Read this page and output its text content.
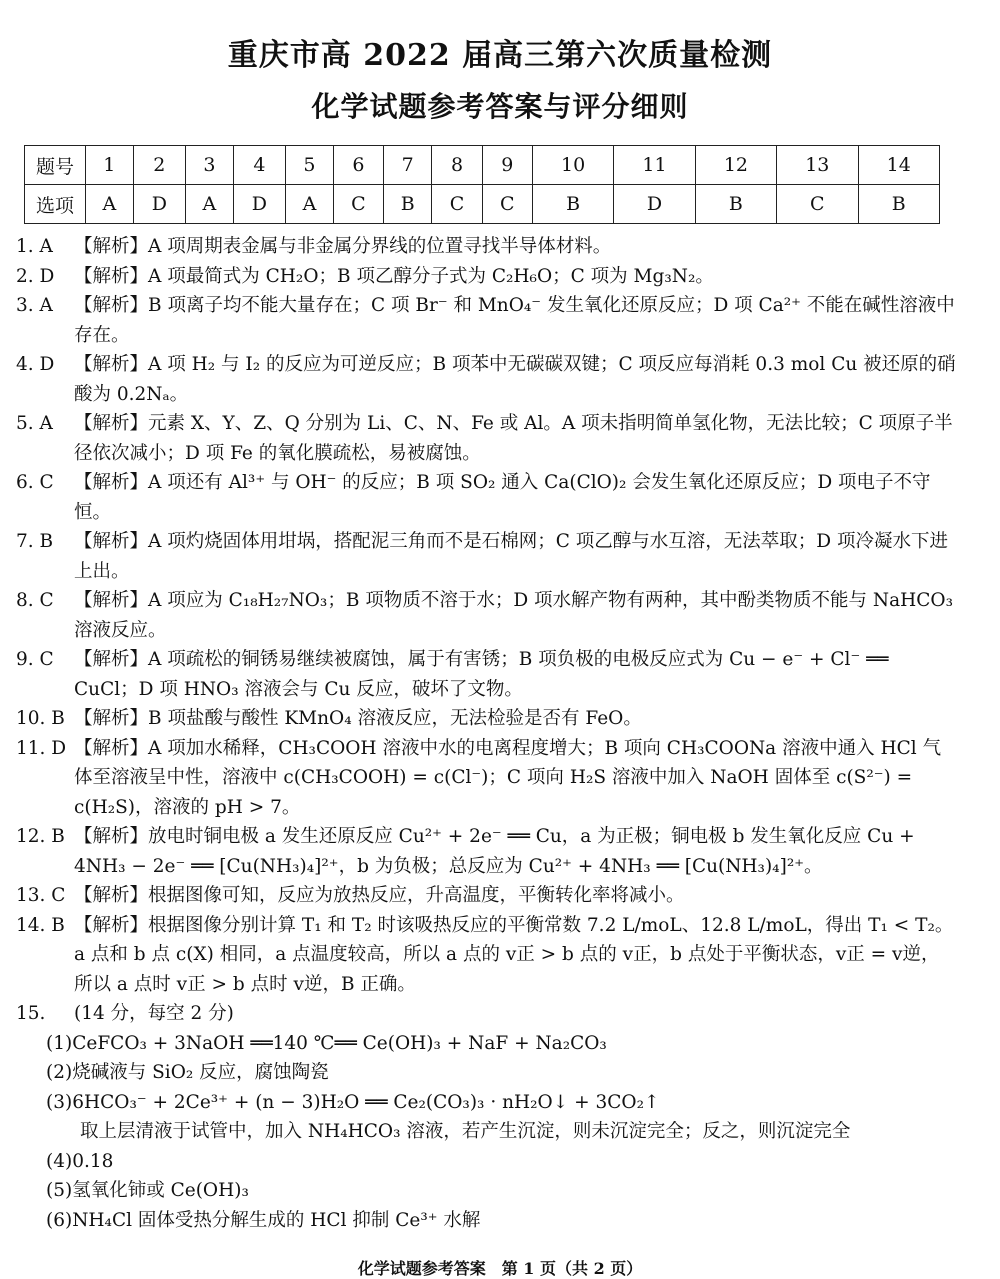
重庆市高 2022 届高三第六次质量检测
化学试题参考答案与评分细则
题号	1	2	3	4	5	6	7	8	9	10	11	12	13	14
选项	A	D	A	D	A	C	B	C	C	B	D	B	C	B
1. A	【解析】A 项周期表金属与非金属分界线的位置寻找半导体材料。
2. D	【解析】A 项最简式为 CH₂O；B 项乙醇分子式为 C₂H₆O；C 项为 Mg₃N₂。
3. A	【解析】B 项离子均不能大量存在；C 项 Br⁻ 和 MnO₄⁻ 发生氧化还原反应；D 项 Ca²⁺ 不能在碱性溶液中存在。
4. D	【解析】A 项 H₂ 与 I₂ 的反应为可逆反应；B 项苯中无碳碳双键；C 项反应每消耗 0.3 mol Cu 被还原的硝酸为 0.2Nₐ。
5. A	【解析】元素 X、Y、Z、Q 分别为 Li、C、N、Fe 或 Al。A 项未指明简单氢化物，无法比较；C 项原子半径依次减小；D 项 Fe 的氧化膜疏松，易被腐蚀。
6. C	【解析】A 项还有 Al³⁺ 与 OH⁻ 的反应；B 项 SO₂ 通入 Ca(ClO)₂ 会发生氧化还原反应；D 项电子不守恒。
7. B	【解析】A 项灼烧固体用坩埚，搭配泥三角而不是石棉网；C 项乙醇与水互溶，无法萃取；D 项冷凝水下进上出。
8. C	【解析】A 项应为 C₁₈H₂₇NO₃；B 项物质不溶于水；D 项水解产物有两种，其中酚类物质不能与 NaHCO₃ 溶液反应。
9. C	【解析】A 项疏松的铜锈易继续被腐蚀，属于有害锈；B 项负极的电极反应式为 Cu − e⁻ + Cl⁻ ══ CuCl；D 项 HNO₃ 溶液会与 Cu 反应，破坏了文物。
10. B 【解析】B 项盐酸与酸性 KMnO₄ 溶液反应，无法检验是否有 FeO。
11. D 【解析】A 项加水稀释，CH₃COOH 溶液中水的电离程度增大；B 项向 CH₃COONa 溶液中通入 HCl 气体至溶液呈中性，溶液中 c(CH₃COOH) = c(Cl⁻)；C 项向 H₂S 溶液中加入 NaOH 固体至 c(S²⁻) = c(H₂S)，溶液的 pH > 7。
12. B 【解析】放电时铜电极 a 发生还原反应 Cu²⁺ + 2e⁻ ══ Cu，a 为正极；铜电极 b 发生氧化反应 Cu + 4NH₃ − 2e⁻ ══ [Cu(NH₃)₄]²⁺，b 为负极；总反应为 Cu²⁺ + 4NH₃ ══ [Cu(NH₃)₄]²⁺。
13. C 【解析】根据图像可知，反应为放热反应，升高温度，平衡转化率将减小。
14. B 【解析】根据图像分别计算 T₁ 和 T₂ 时该吸热反应的平衡常数 7.2 L/moL、12.8 L/moL，得出 T₁ < T₂。a 点和 b 点 c(X) 相同，a 点温度较高，所以 a 点的 v正 > b 点的 v正，b 点处于平衡状态，v正 = v逆，所以 a 点时 v正 > b 点时 v逆，B 正确。
15.	(14 分，每空 2 分)
(1)CeFCO₃ + 3NaOH ══140 ℃══ Ce(OH)₃ + NaF + Na₂CO₃
(2)烧碱液与 SiO₂ 反应，腐蚀陶瓷
(3)6HCO₃⁻ + 2Ce³⁺ + (n − 3)H₂O ══ Ce₂(CO₃)₃ · nH₂O↓ + 3CO₂↑
取上层清液于试管中，加入 NH₄HCO₃ 溶液，若产生沉淀，则未沉淀完全；反之，则沉淀完全
(4)0.18
(5)氢氧化铈或 Ce(OH)₃
(6)NH₄Cl 固体受热分解生成的 HCl 抑制 Ce³⁺ 水解
化学试题参考答案　第 1 页（共 2 页）
